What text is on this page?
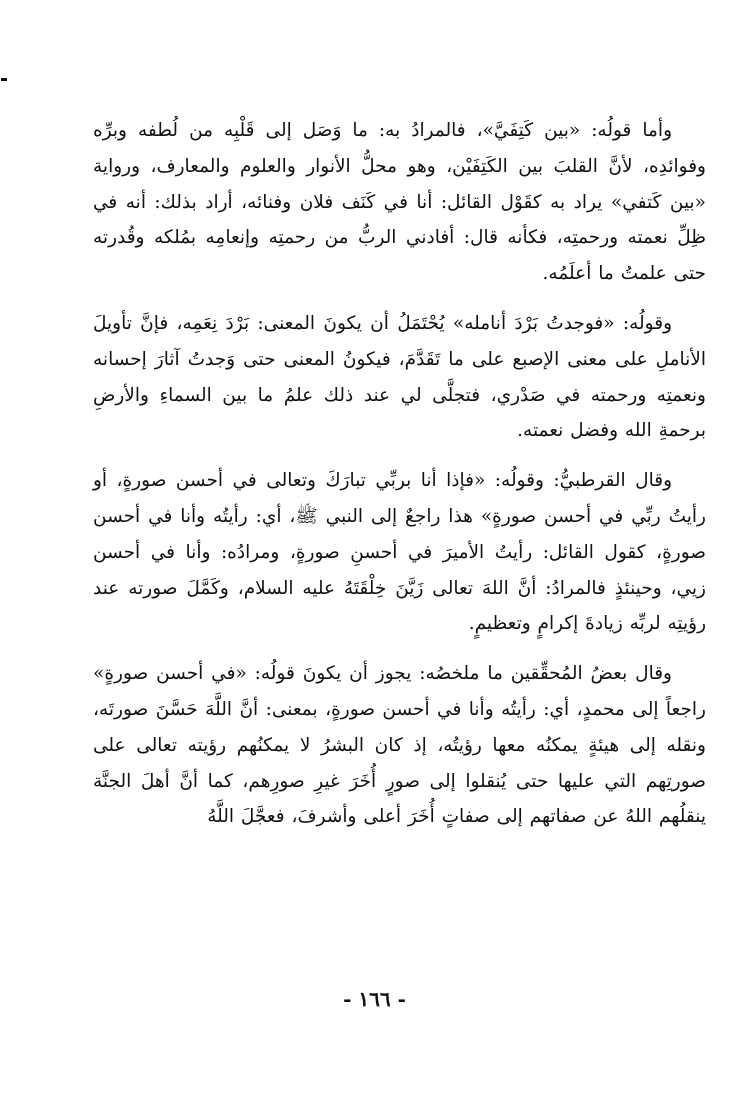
وأما قولُه: «بين كَتِفَيَّ»، فالمرادُ به: ما وَصَل إلى قَلْبِه من لُطفه وبرِّه وفوائدِه، لأنَّ القلبَ بين الكَتِفَيْن، وهو محلُّ الأنوار والعلوم والمعارف، ورواية «بين كَتفي» يراد به كقَوْل القائل: أنا في كَنَف فلان وفنائه، أراد بذلك: أنه في ظِلِّ نعمته ورحمتِه، فكأنه قال: أفادني الربُّ من رحمتِه وإنعامِه بمُلكه وقُدرته حتى علمتُ ما أعلَمُه.

وقولُه: «فوجدتُ بَرْدَ أنامله» يُحْتَمَلُ أن يكونَ المعنى: بَرْدَ نِعَمِه، فإنَّ تأويلَ الأناملِ على معنى الإصبع على ما تَقَدَّمَ، فيكونُ المعنى حتى وَجدتُ آثارَ إحسانه ونعمتِه ورحمته في صَدْري، فتجلَّى لي عند ذلك علمُ ما بين السماءِ والأرضِ برحمةِ الله وفضل نعمته.

وقال القرطبيُّ: وقولُه: «فإذا أنا بربِّي تبارَكَ وتعالى في أحسن صورةٍ، أو رأيتُ ربِّي في أحسن صورةٍ» هذا راجعٌ إلى النبي ﷺ، أي: رأيتُه وأنا في أحسن صورةٍ، كقول القائل: رأيتُ الأميرَ في أحسنِ صورةٍ، ومرادُه: وأنا في أحسن زيي، وحينئذٍ فالمرادُ: أنَّ اللهَ تعالى زَيَّنَ خِلْقَتَهُ عليه السلام، وكَمَّلَ صورته عند رؤيتِه لربِّه زيادةَ إكرامٍ وتعظيمٍ.

وقال بعضُ المُحقِّقين ما ملخصُه: يجوز أن يكونَ قولُه: «في أحسن صورةٍ» راجعاً إلى محمدٍ، أي: رأيتُه وأنا في أحسن صورةٍ، بمعنى: أنَّ اللَّهَ حَسَّنَ صورتَه، ونقله إلى هيئةٍ يمكنُه معها رؤيتُه، إذ كان البشرُ لا يمكنُهم رؤيته تعالى على صورتِهم التي عليها حتى يُنقلوا إلى صورٍ أُخَرَ غيرِ صورِهم، كما أنَّ أهلَ الجنَّة ينقلُهم اللهُ عن صفاتهم إلى صفاتٍ أُخَرَ أعلى وأشرفَ، فعجَّلَ اللَّهُ

- ١٦٦ -
